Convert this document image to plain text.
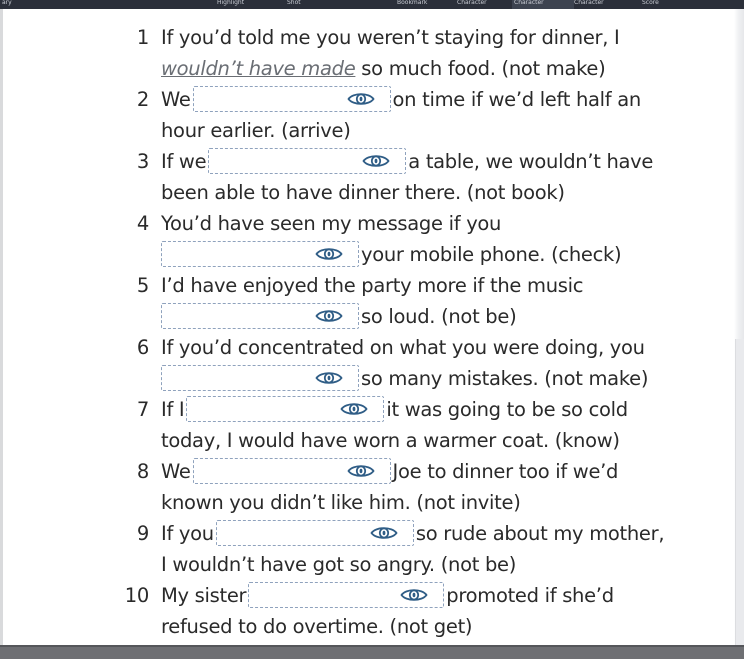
ary	Highlight	Shot	Bookmark	Character	Character	Character	Score
1 If you’d told me you weren’t staying for dinner, I
wouldn’t have made so much food. (not make)
2 We	on time if we’d left half an
hour earlier. (arrive)
3 If we	a table, we wouldn’t have
been able to have dinner there. (not book)
4 You’d have seen my message if you
your mobile phone. (check)
5 I’d have enjoyed the party more if the music
so loud. (not be)
6 If you’d concentrated on what you were doing, you
so many mistakes. (not make)
7 If I	it was going to be so cold
today, I would have worn a warmer coat. (know)
8 We	Joe to dinner too if we’d
known you didn’t like him. (not invite)
9 If you	so rude about my mother,
I wouldn’t have got so angry. (not be)
10 My sister	promoted if she’d
refused to do overtime. (not get)
